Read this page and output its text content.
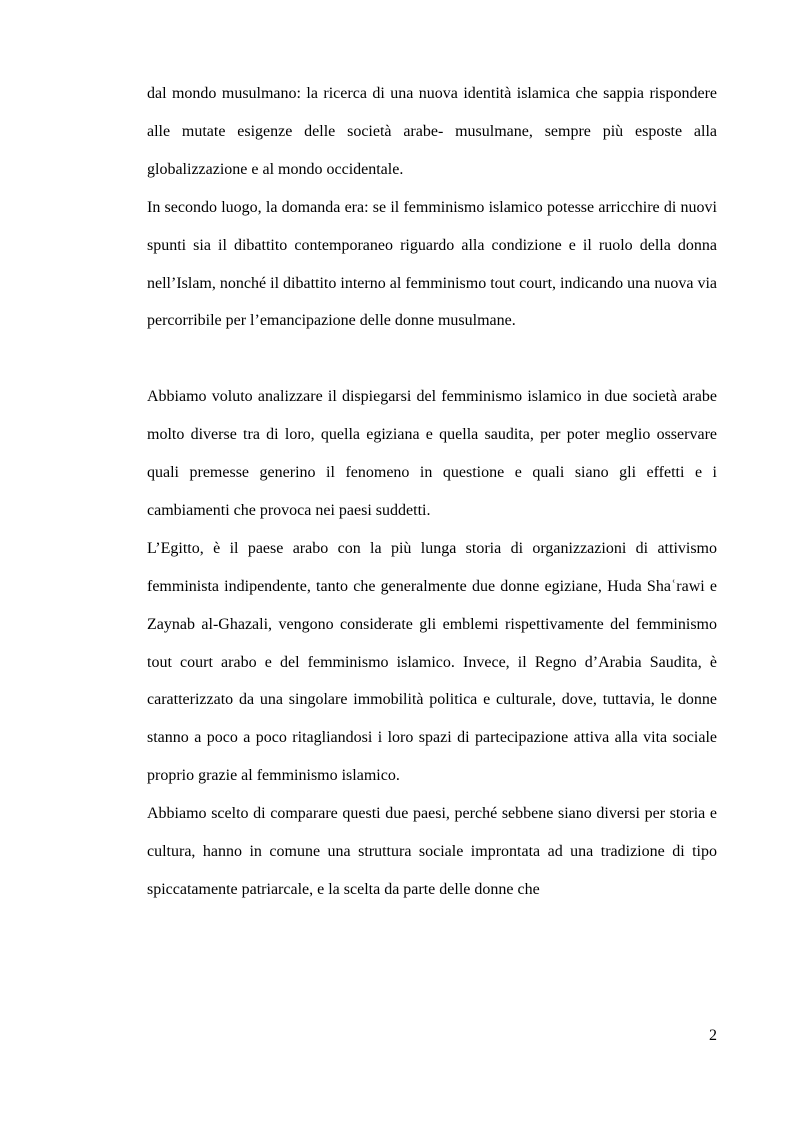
dal mondo musulmano: la ricerca di una nuova identità islamica che sappia rispondere alle mutate esigenze delle società arabe- musulmane, sempre più esposte alla globalizzazione e al mondo occidentale.

In secondo luogo, la domanda era: se il femminismo islamico potesse arricchire di nuovi spunti sia il dibattito contemporaneo riguardo alla condizione e il ruolo della donna nell’Islam, nonché il dibattito interno al femminismo tout court, indicando una nuova via percorribile per l’emancipazione delle donne musulmane.

Abbiamo voluto analizzare il dispiegarsi del femminismo islamico in due società arabe molto diverse tra di loro, quella egiziana e quella saudita, per poter meglio osservare quali premesse generino il fenomeno in questione e quali siano gli effetti e i cambiamenti che provoca nei paesi suddetti.

L’Egitto, è il paese arabo con la più lunga storia di organizzazioni di attivismo femminista indipendente, tanto che generalmente due donne egiziane, Huda Shaʿrawi e Zaynab al-Ghazali, vengono considerate gli emblemi rispettivamente del femminismo tout court arabo e del femminismo islamico. Invece, il Regno d’Arabia Saudita, è caratterizzato da una singolare immobilità politica e culturale, dove, tuttavia, le donne stanno a poco a poco ritagliandosi i loro spazi di partecipazione attiva alla vita sociale proprio grazie al femminismo islamico.

Abbiamo scelto di comparare questi due paesi, perché sebbene siano diversi per storia e cultura, hanno in comune una struttura sociale improntata ad una tradizione di tipo spiccatamente patriarcale, e la scelta da parte delle donne che

2
